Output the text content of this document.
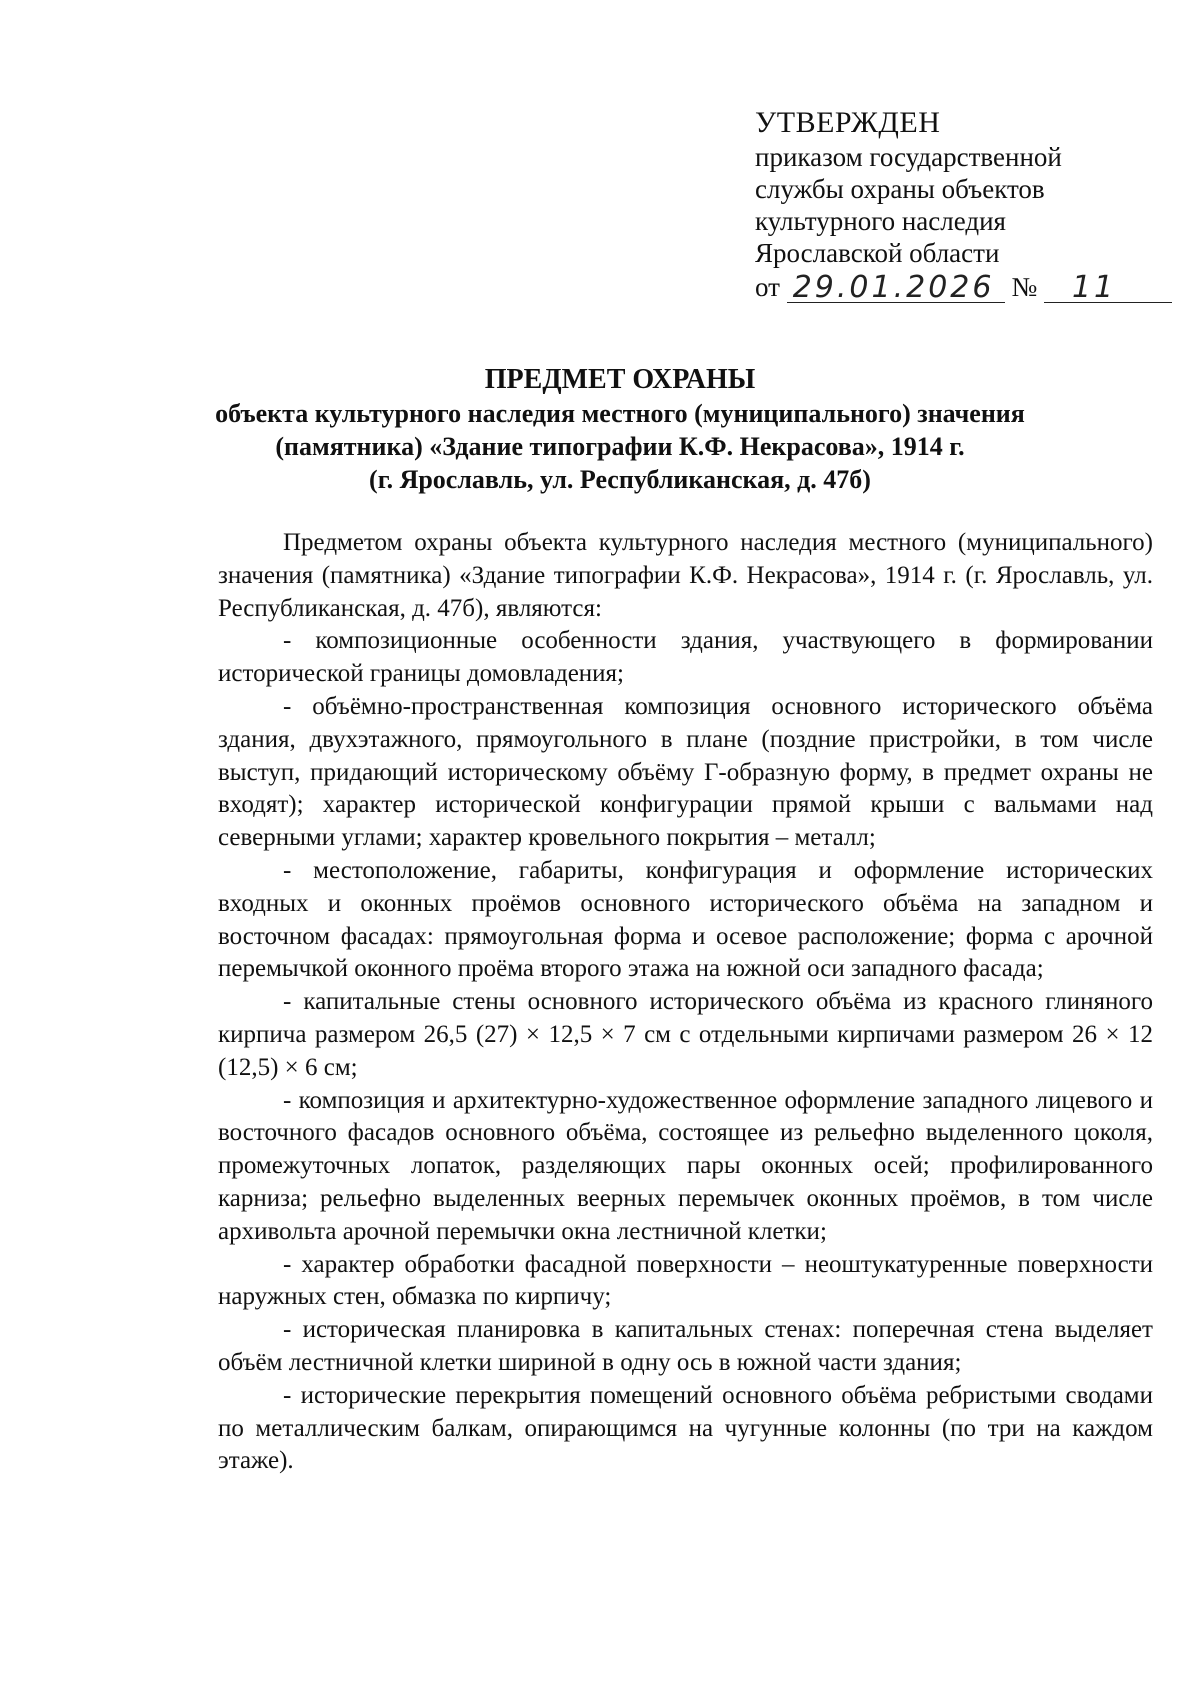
УТВЕРЖДЕН
приказом государственной
службы охраны объектов
культурного наследия
Ярославской области
от 29.01.2026 № 11
ПРЕДМЕТ ОХРАНЫ
объекта культурного наследия местного (муниципального) значения
(памятника) «Здание типографии К.Ф. Некрасова», 1914 г.
(г. Ярославль, ул. Республиканская, д. 47б)

Предметом охраны объекта культурного наследия местного (муниципального) значения (памятника) «Здание типографии К.Ф. Некрасова», 1914 г. (г. Ярославль, ул. Республиканская, д. 47б), являются:

- композиционные особенности здания, участвующего в формировании исторической границы домовладения;

- объёмно-пространственная композиция основного исторического объёма здания, двухэтажного, прямоугольного в плане (поздние пристройки, в том числе выступ, придающий историческому объёму Г-образную форму, в предмет охраны не входят); характер исторической конфигурации прямой крыши с вальмами над северными углами; характер кровельного покрытия – металл;

- местоположение, габариты, конфигурация и оформление исторических входных и оконных проёмов основного исторического объёма на западном и восточном фасадах: прямоугольная форма и осевое расположение; форма с арочной перемычкой оконного проёма второго этажа на южной оси западного фасада;

- капитальные стены основного исторического объёма из красного глиняного кирпича размером 26,5 (27) × 12,5 × 7 см с отдельными кирпичами размером 26 × 12 (12,5) × 6 см;

- композиция и архитектурно-художественное оформление западного лицевого и восточного фасадов основного объёма, состоящее из рельефно выделенного цоколя, промежуточных лопаток, разделяющих пары оконных осей; профилированного карниза; рельефно выделенных веерных перемычек оконных проёмов, в том числе архивольта арочной перемычки окна лестничной клетки;

- характер обработки фасадной поверхности – неоштукатуренные поверхности наружных стен, обмазка по кирпичу;

- историческая планировка в капитальных стенах: поперечная стена выделяет объём лестничной клетки шириной в одну ось в южной части здания;

- исторические перекрытия помещений основного объёма ребристыми сводами по металлическим балкам, опирающимся на чугунные колонны (по три на каждом этаже).
